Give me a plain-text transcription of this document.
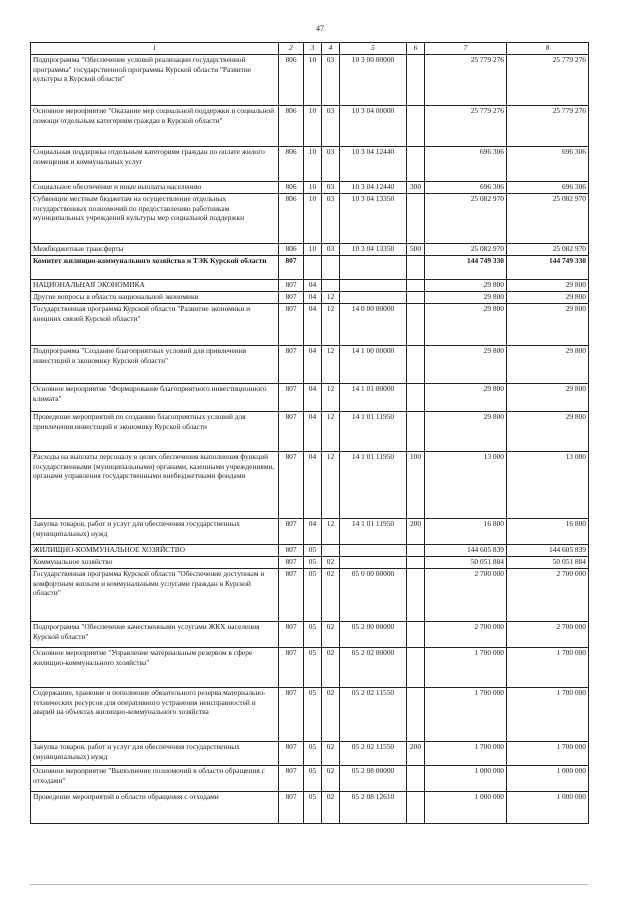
47
1	2	3	4	5	6	7	8
Подпрограмма "Обеспечение условий реализации государственной программы" государственной программы Курской области "Развитие культуры в Курской области"	806	10	03	10 3 00 00000		25 779 276	25 779 276
Основное мероприятие "Оказание мер социальной поддержки и социальной помощи отдельным категориям граждан в Курской области"	806	10	03	10 3 04 00000		25 779 276	25 779 276
Социальная поддержка отдельным категориям граждан по оплате жилого помещения и коммунальных услуг	806	10	03	10 3 04 12440		696 306	696 306
Социальное обеспечение и иные выплаты населению	806	10	03	10 3 04 12440	300	696 306	696 306
Субвенции местным бюджетам на осуществление отдельных государственных полномочий по предоставлению работникам муниципальных учреждений культуры мер социальной поддержки	806	10	03	10 3 04 13350		25 082 970	25 082 970
Межбюджетные трансферты	806	10	03	10 3 04 13350	500	25 082 970	25 082 970
Комитет жилищно-коммунального хозяйства и ТЭК Курской области	807					144 749 330	144 749 330
НАЦИОНАЛЬНАЯ ЭКОНОМИКА	807	04				29 800	29 800
Другие вопросы в области национальной экономики	807	04	12			29 800	29 800
Государственная программа Курской области "Развитие экономики и внешних связей Курской области"	807	04	12	14 0 00 00000		29 800	29 800
Подпрограмма "Создание благоприятных условий для привлечения инвестиций в экономику Курской области"	807	04	12	14 1 00 00000		29 800	29 800
Основное мероприятие "Формирование благоприятного инвестиционного климата"	807	04	12	14 1 01 00000		29 800	29 800
Проведение мероприятий по созданию благоприятных условий для привлечения инвестиций в экономику Курской области	807	04	12	14 1 01 11950		29 800	29 800
Расходы на выплаты персоналу в целях обеспечения выполнения функций государственными (муниципальными) органами, казенными учреждениями, органами управления государственными внебюджетными фондами	807	04	12	14 1 01 11950	100	13 000	13 000
Закупка товаров, работ и услуг для обеспечения государственных (муниципальных) нужд	807	04	12	14 1 01 11950	200	16 800	16 800
ЖИЛИЩНО-КОММУНАЛЬНОЕ ХОЗЯЙСТВО	807	05				144 605 839	144 605 839
Коммунальное хозяйство	807	05	02			50 051 884	50 051 884
Государственная программа Курской области "Обеспечение доступным и комфортным жильем и коммунальными услугами граждан в Курской области"	807	05	02	05 0 00 00000		2 700 000	2 700 000
Подпрограмма "Обеспечение качественными услугами ЖКХ населения Курской области"	807	05	02	05 2 00 00000		2 700 000	2 700 000
Основное мероприятие "Управление материальным резервом в сфере жилищно-коммунального хозяйства"	807	05	02	05 2 02 00000		1 700 000	1 700 000
Содержание, хранение и пополнение обязательного резерва материально-технических ресурсов для оперативного устранения неисправностей и аварий на объектах жилищно-коммунального хозяйства	807	05	02	05 2 02 11550		1 700 000	1 700 000
Закупка товаров, работ и услуг для обеспечения государственных (муниципальных) нужд	807	05	02	05 2 02 11550	200	1 700 000	1 700 000
Основное мероприятие "Выполнение полномочий в области обращения с отходами"	807	05	02	05 2 08 00000		1 000 000	1 000 000
Проведение мероприятий в области обращения с отходами	807	05	02	05 2 08 12610		1 000 000	1 000 000
